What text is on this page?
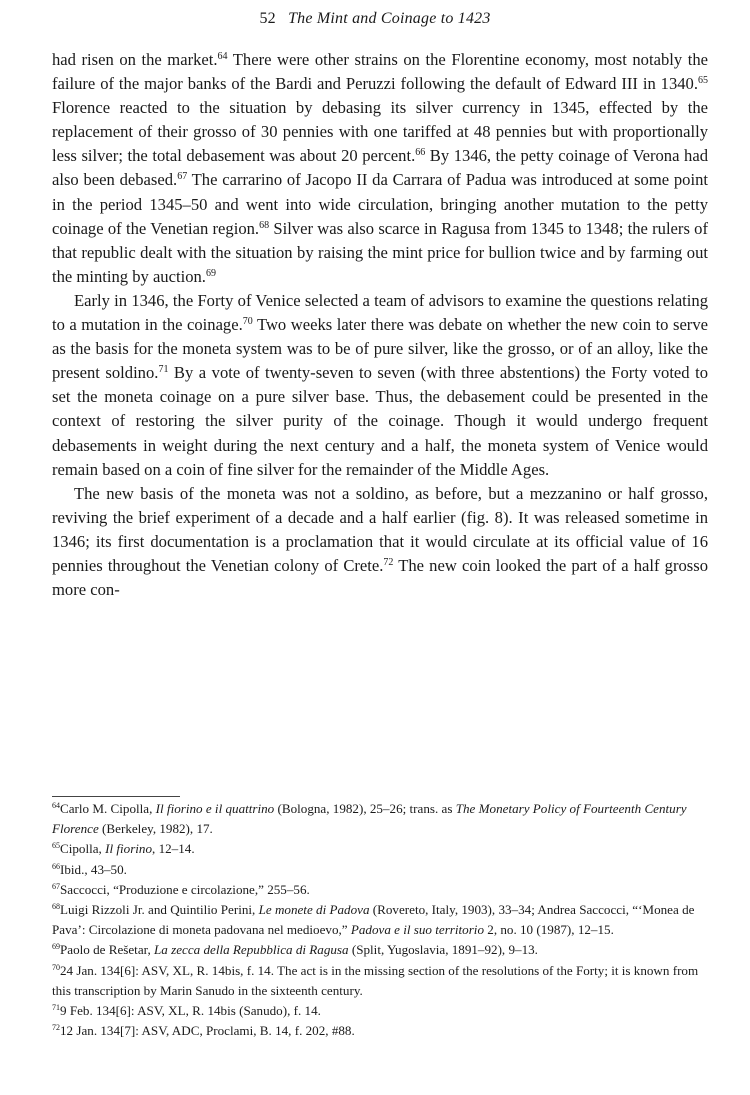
52 The Mint and Coinage to 1423

had risen on the market.$^{64}$ There were other strains on the Florentine economy, most notably the failure of the major banks of the Bardi and Peruzzi following the default of Edward III in 1340.65 Florence reacted to the situation by debasing its silver currency in 1345, effected by the replacement of their grosso of 30 pennies with one tariffed at 48 pennies but with proportionally less silver; the total debasement was about 20 percent.$^{66}$ By 1346, the petty coinage of Verona had also been debased.$^{67}$ The carrarino of Jacopo II da Carrara of Padua was introduced at some point in the period 1345–50 and went into wide circulation, bringing another mutation to the petty coinage of the Venetian region.$^{68}$ Silver was also scarce in Ragusa from 1345 to 1348; the rulers of that republic dealt with the situation by raising the mint price for bullion twice and by farming out the minting by auction.$^{69}$

Early in 1346, the Forty of Venice selected a team of advisors to examine the questions relating to a mutation in the coinage.$^{70}$ Two weeks later there was debate on whether the new coin to serve as the basis for the moneta system was to be of pure silver, like the grosso, or of an alloy, like the present soldino.$^{71}$ By a vote of twenty-seven to seven (with three abstentions) the Forty voted to set the moneta coinage on a pure silver base. Thus, the debasement could be presented in the context of restoring the silver purity of the coinage. Though it would undergo frequent debasements in weight during the next century and a half, the moneta system of Venice would remain based on a coin of fine silver for the remainder of the Middle Ages.

The new basis of the moneta was not a soldino, as before, but a mezzanino or half grosso, reviving the brief experiment of a decade and a half earlier (fig. 8). It was released sometime in 1346; its first documentation is a proclamation that it would circulate at its official value of 16 pennies throughout the Venetian colony of Crete.$^{72}$ The new coin looked the part of a half grosso more con-

$^{64}$Carlo M. Cipolla, Il fiorino e il quattrino (Bologna, 1982), 25–26; trans. as The Monetary Policy of Fourteenth Century Florence (Berkeley, 1982), 17.
$^{65}$Cipolla, Il fiorino, 12–14.
$^{66}$Ibid., 43–50.
$^{67}$Saccocci, “Produzione e circolazione,” 255–56.
$^{68}$Luigi Rizzoli Jr. and Quintilio Perini, Le monete di Padova (Rovereto, Italy, 1903), 33–34; Andrea Saccocci, “‘Monea de Pava’: Circolazione di moneta padovana nel medioevo,” Padova e il suo territorio 2, no. 10 (1987), 12–15.
$^{69}$Paolo de Rešetar, La zecca della Repubblica di Ragusa (Split, Yugoslavia, 1891–92), 9–13.
$^{70}$24 Jan. 134[6]: ASV, XL, R. 14bis, f. 14. The act is in the missing section of the resolutions of the Forty; it is known from this transcription by Marin Sanudo in the sixteenth century.
$^{71}$9 Feb. 134[6]: ASV, XL, R. 14bis (Sanudo), f. 14.
$^{72}$12 Jan. 134[7]: ASV, ADC, Proclami, B. 14, f. 202, #88.
